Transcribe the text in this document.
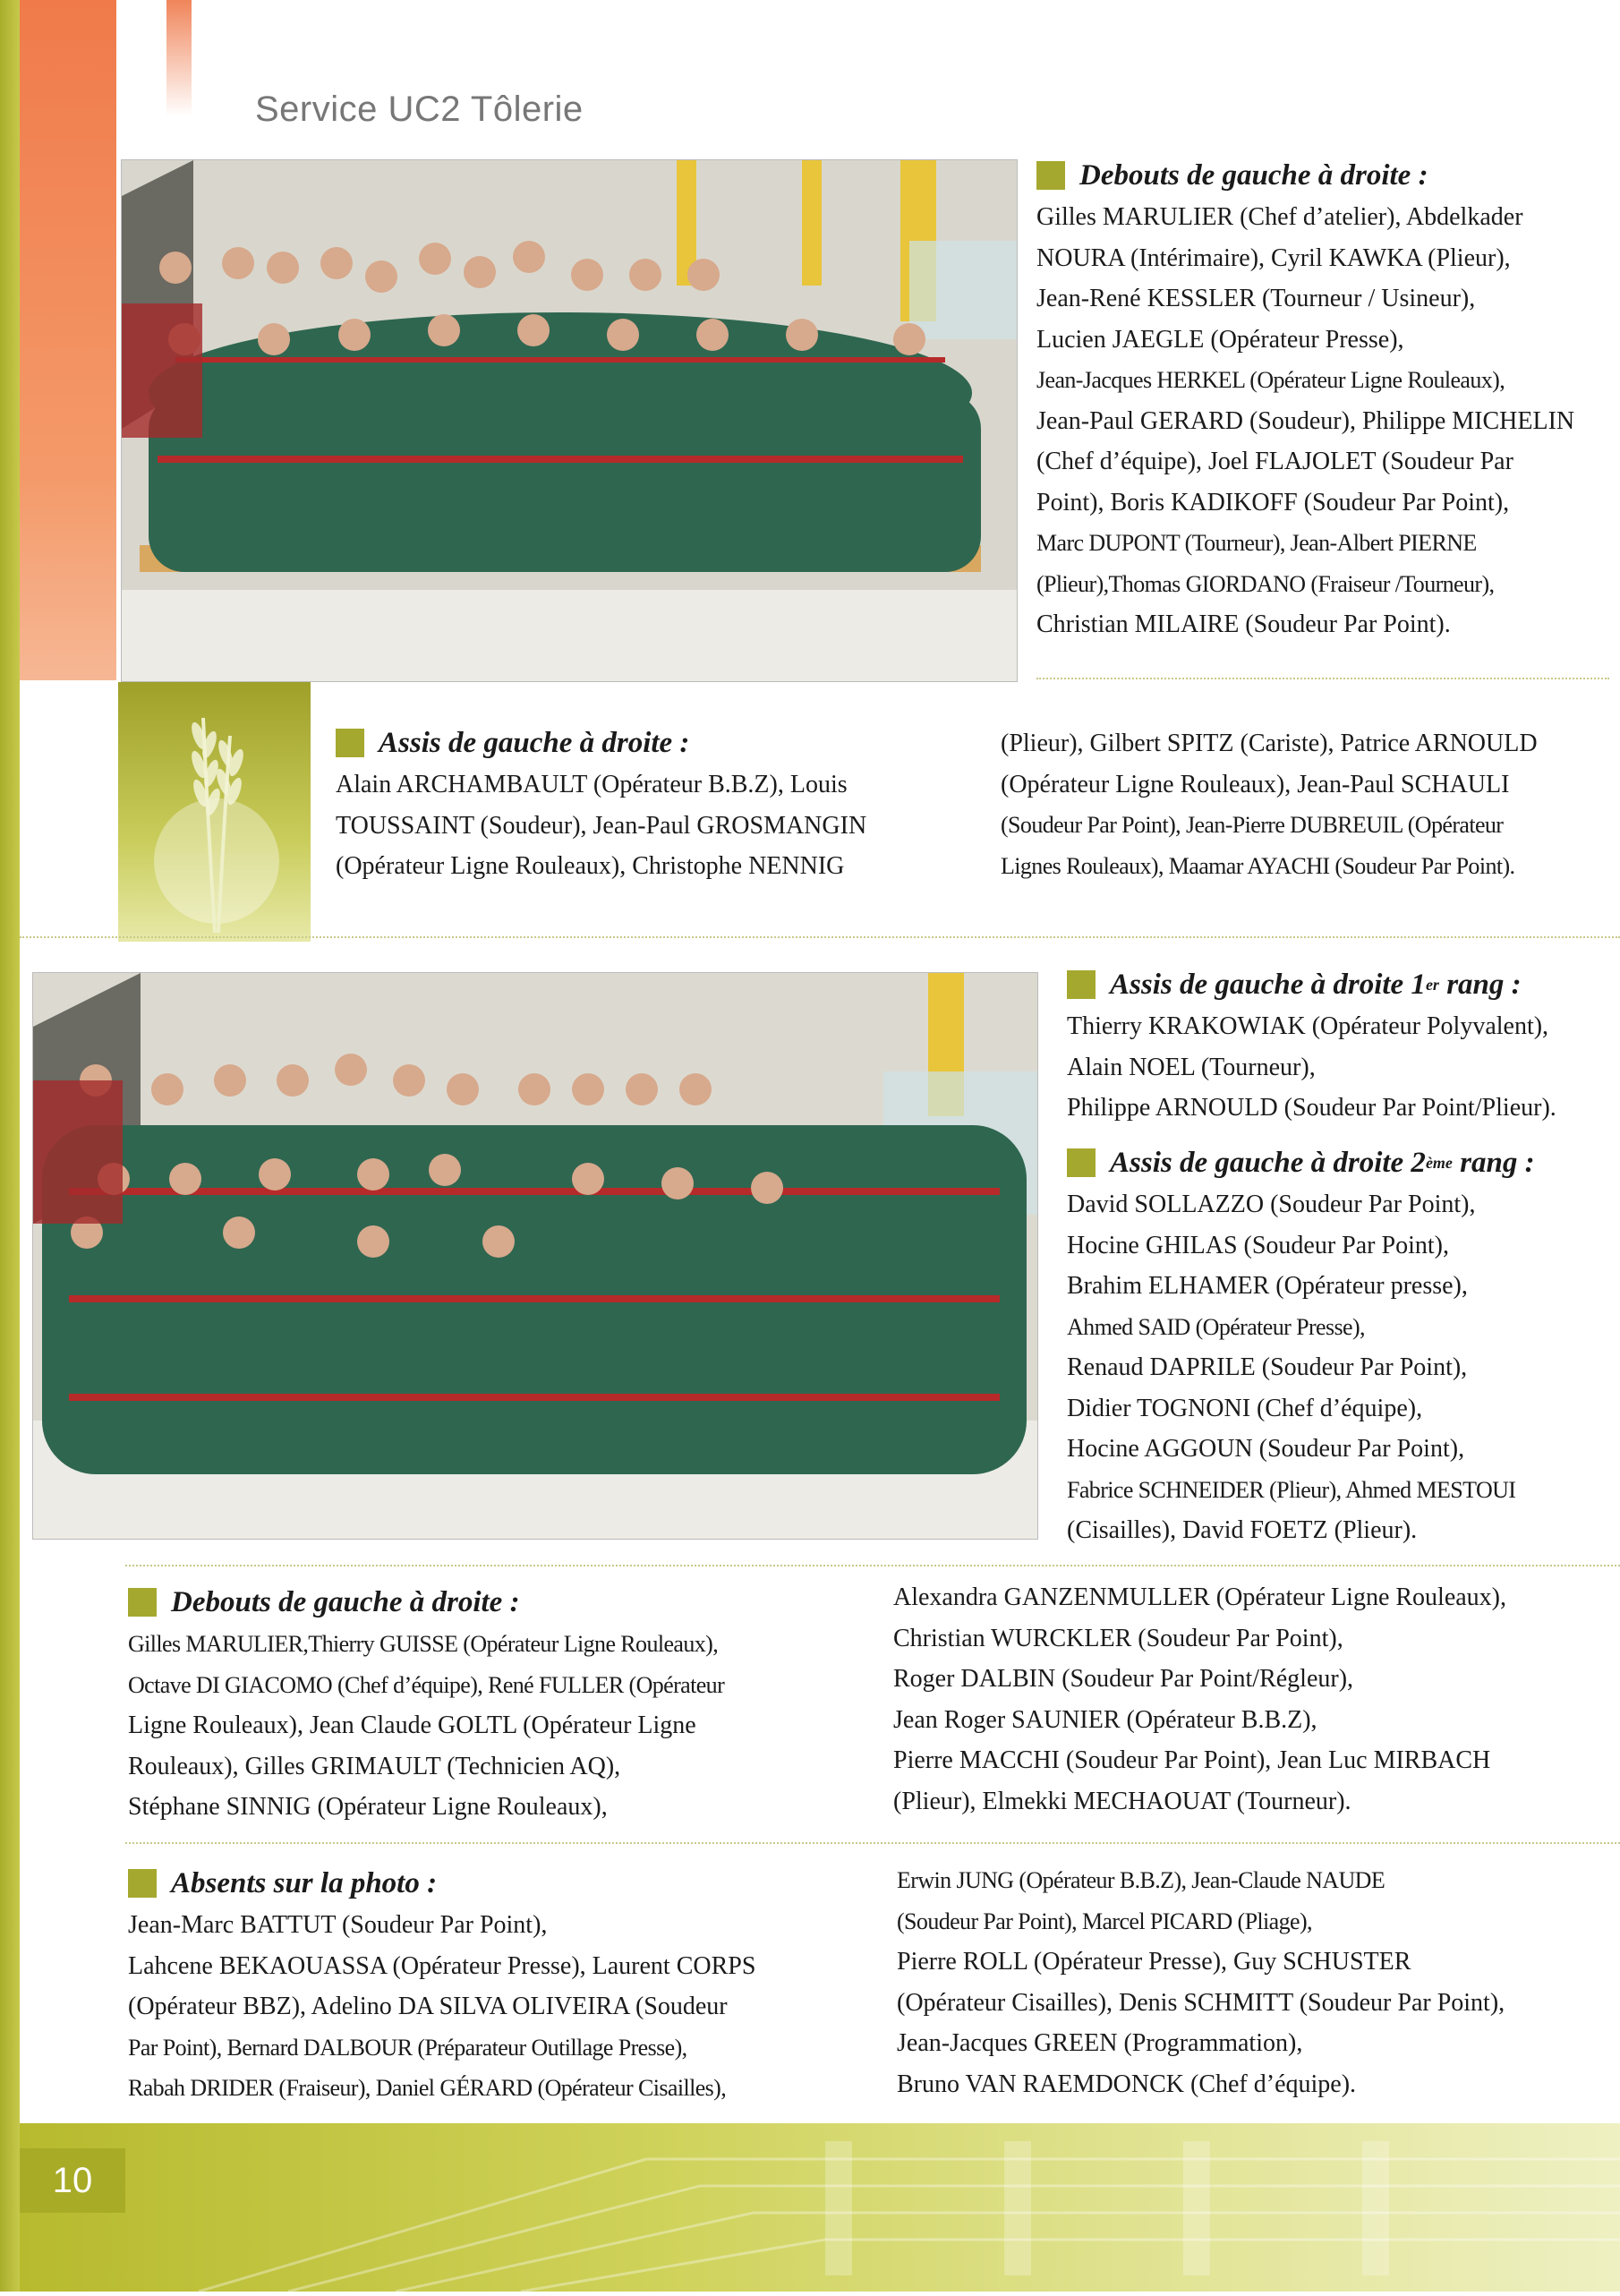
Service UC2 Tôlerie
Debouts de gauche à droite :

Gilles MARULIER (Chef d’atelier), Abdelkader

NOURA (Intérimaire), Cyril KAWKA (Plieur),

Jean-René KESSLER (Tourneur / Usineur),

Lucien JAEGLE (Opérateur Presse),

Jean-Jacques HERKEL (Opérateur Ligne Rouleaux),

Jean-Paul GERARD (Soudeur), Philippe MICHELIN

(Chef d’équipe), Joel FLAJOLET (Soudeur Par

Point), Boris KADIKOFF (Soudeur Par Point),

Marc DUPONT (Tourneur), Jean-Albert PIERNE

(Plieur),Thomas GIORDANO (Fraiseur /Tourneur),

Christian MILAIRE (Soudeur Par Point).

Assis de gauche à droite :

Alain ARCHAMBAULT (Opérateur B.B.Z), Louis

TOUSSAINT (Soudeur), Jean-Paul GROSMANGIN

(Opérateur Ligne Rouleaux), Christophe NENNIG

(Plieur), Gilbert SPITZ (Cariste), Patrice ARNOULD

(Opérateur Ligne Rouleaux), Jean-Paul SCHAULI

(Soudeur Par Point), Jean-Pierre DUBREUIL (Opérateur

Lignes Rouleaux), Maamar AYACHI (Soudeur Par Point).

Assis de gauche à droite 1 er rang :

Thierry KRAKOWIAK (Opérateur Polyvalent),

Alain NOEL (Tourneur),

Philippe ARNOULD (Soudeur Par Point/Plieur).

Assis de gauche à droite 2 ème rang :

David SOLLAZZO (Soudeur Par Point),

Hocine GHILAS (Soudeur Par Point),

Brahim ELHAMER (Opérateur presse),

Ahmed SAID (Opérateur Presse),

Renaud DAPRILE (Soudeur Par Point),

Didier TOGNONI (Chef d’équipe),

Hocine AGGOUN (Soudeur Par Point),

Fabrice SCHNEIDER (Plieur), Ahmed MESTOUI

(Cisailles), David FOETZ (Plieur).

Debouts de gauche à droite :

Gilles MARULIER,Thierry GUISSE (Opérateur Ligne Rouleaux),

Octave DI GIACOMO (Chef d’équipe), René FULLER (Opérateur

Ligne Rouleaux), Jean Claude GOLTL (Opérateur Ligne

Rouleaux), Gilles GRIMAULT (Technicien AQ),

Stéphane SINNIG (Opérateur Ligne Rouleaux),

Alexandra GANZENMULLER (Opérateur Ligne Rouleaux),

Christian WURCKLER (Soudeur Par Point),

Roger DALBIN (Soudeur Par Point/Régleur),

Jean Roger SAUNIER (Opérateur B.B.Z),

Pierre MACCHI (Soudeur Par Point), Jean Luc MIRBACH

(Plieur), Elmekki MECHAOUAT (Tourneur).

Absents sur la photo :

Jean-Marc BATTUT (Soudeur Par Point),

Lahcene BEKAOUASSA (Opérateur Presse), Laurent CORPS

(Opérateur BBZ), Adelino DA SILVA OLIVEIRA (Soudeur

Par Point), Bernard DALBOUR (Préparateur Outillage Presse),

Rabah DRIDER (Fraiseur), Daniel GÉRARD (Opérateur Cisailles),

Erwin JUNG (Opérateur B.B.Z), Jean-Claude NAUDE

(Soudeur Par Point), Marcel PICARD (Pliage),

Pierre ROLL (Opérateur Presse), Guy SCHUSTER

(Opérateur Cisailles), Denis SCHMITT (Soudeur Par Point),

Jean-Jacques GREEN (Programmation),

Bruno VAN RAEMDONCK (Chef d’équipe).

10
